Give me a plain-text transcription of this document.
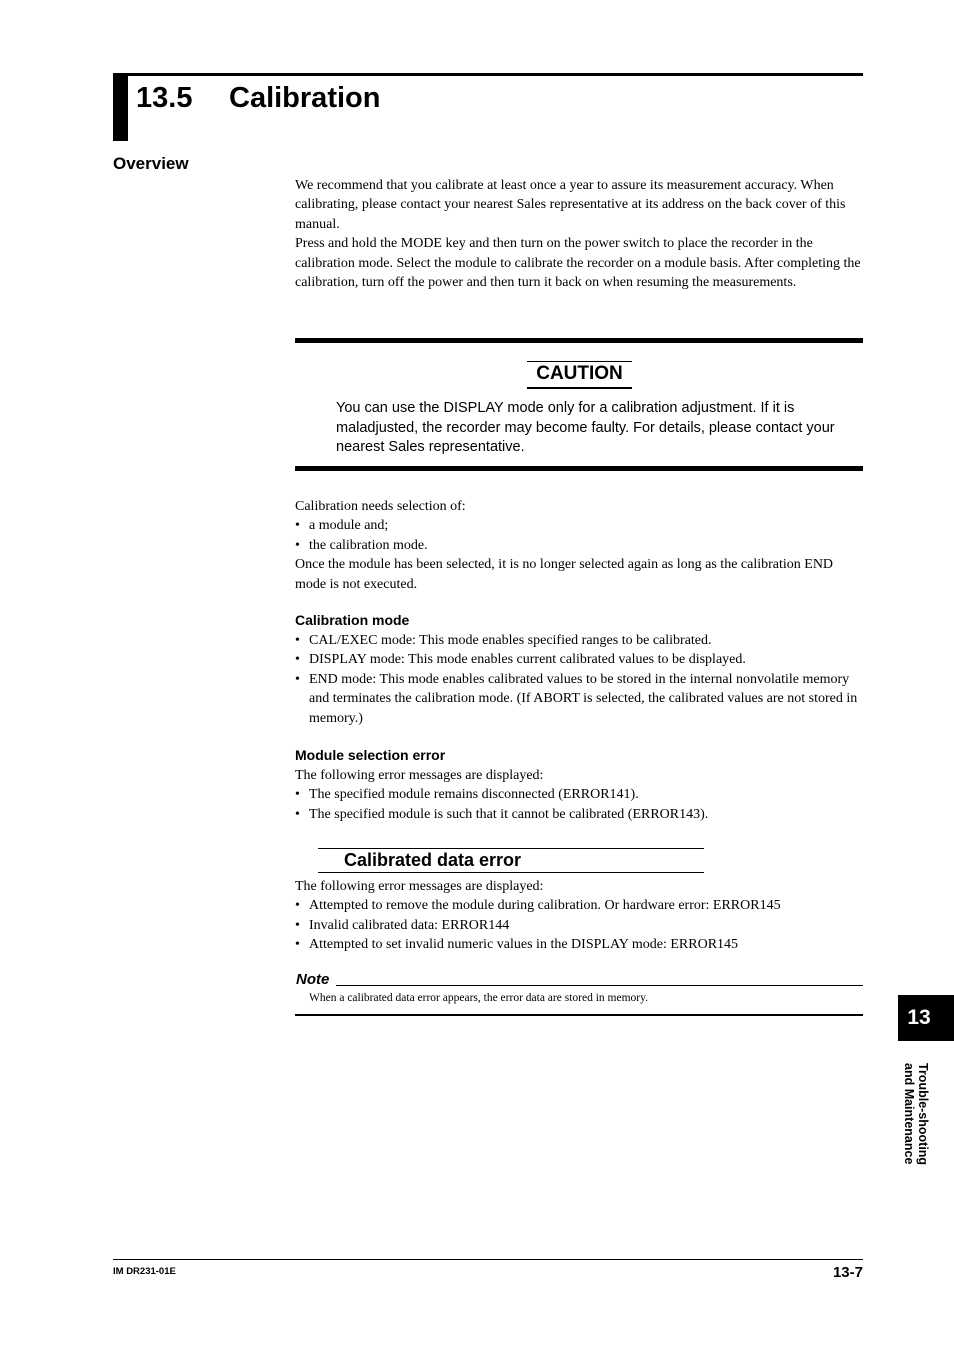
13.5 Calibration
Overview

We recommend that you calibrate at least once a year to assure its measurement accuracy. When calibrating, please contact your nearest Sales representative at its address on the back cover of this manual.

Press and hold the MODE key and then turn on the power switch to place the recorder in the calibration mode. Select the module to calibrate the recorder on a module basis. After completing the calibration, turn off the power and then turn it back on when resuming the measurements.

CAUTION
You can use the DISPLAY mode only for a calibration adjustment. If it is maladjusted, the recorder may become faulty. For details, please contact your nearest Sales representative.

Calibration needs selection of:

• a module and;
• the calibration mode.

Once the module has been selected, it is no longer selected again as long as the calibration END mode is not executed.

Calibration mode
• CAL/EXEC mode: This mode enables specified ranges to be calibrated.
• DISPLAY mode: This mode enables current calibrated values to be displayed.
• END mode: This mode enables calibrated values to be stored in the internal nonvolatile memory and terminates the calibration mode. (If ABORT is selected, the calibrated values are not stored in memory.)
Module selection error

The following error messages are displayed:

• The specified module remains disconnected (ERROR141).
• The specified module is such that it cannot be calibrated (ERROR143).
Calibrated data error

The following error messages are displayed:

• Attempted to remove the module during calibration. Or hardware error: ERROR145
• Invalid calibrated data: ERROR144
• Attempted to set invalid numeric values in the DISPLAY mode: ERROR145
Note
When a calibrated data error appears, the error data are stored in memory.
13
Trouble-shooting
and Maintenance
IM DR231-01E	13-7
